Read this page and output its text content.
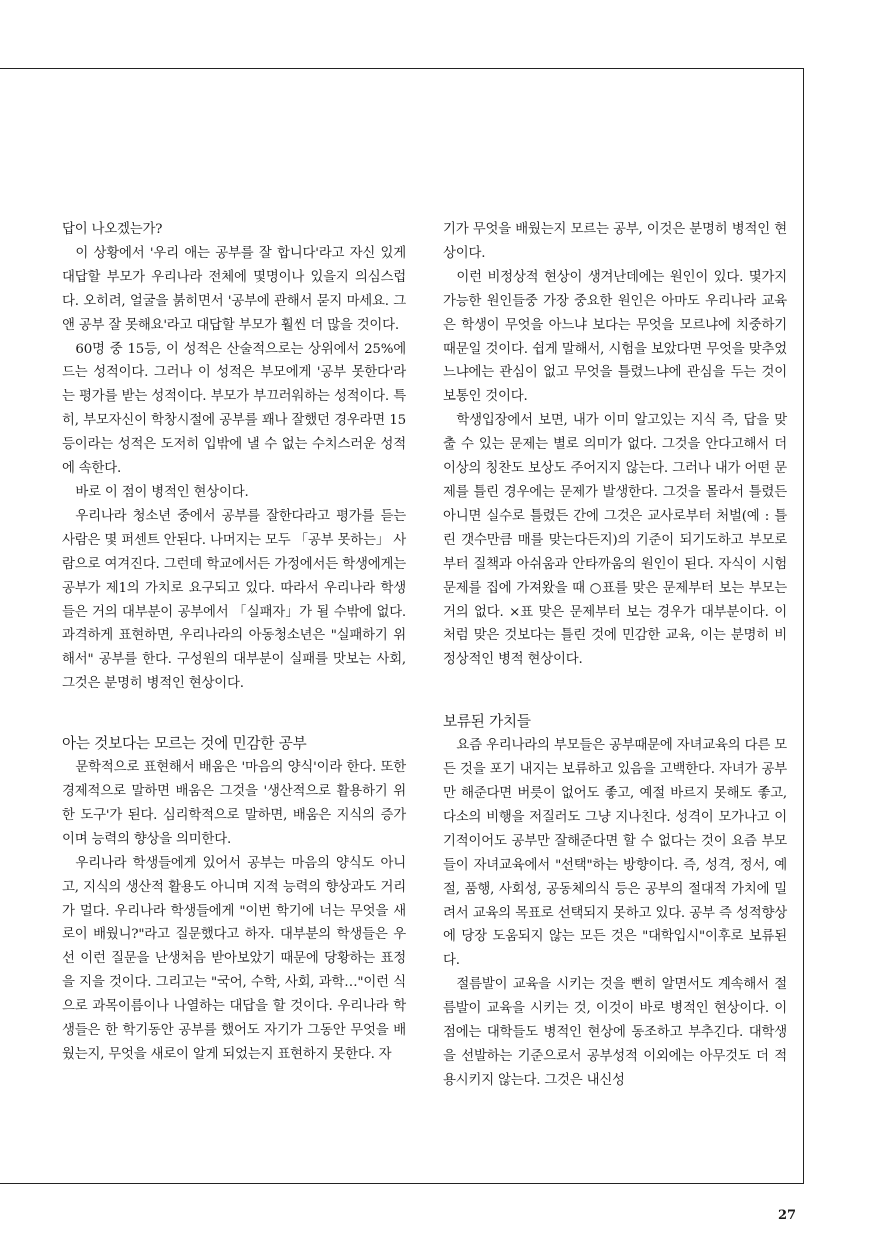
답이 나오겠는가?

이 상황에서 '우리 애는 공부를 잘 합니다'라고 자신 있게 대답할 부모가 우리나라 전체에 몇명이나 있을지 의심스럽다. 오히려, 얼굴을 붉히면서 '공부에 관해서 묻지 마세요. 그앤 공부 잘 못해요'라고 대답할 부모가 훨씬 더 많을 것이다.

60명 중 15등, 이 성적은 산술적으로는 상위에서 25%에 드는 성적이다. 그러나 이 성적은 부모에게 '공부 못한다'라는 평가를 받는 성적이다. 부모가 부끄러워하는 성적이다. 특히, 부모자신이 학창시절에 공부를 꽤나 잘했던 경우라면 15등이라는 성적은 도저히 입밖에 낼 수 없는 수치스러운 성적에 속한다.

바로 이 점이 병적인 현상이다.

우리나라 청소년 중에서 공부를 잘한다라고 평가를 듣는 사람은 몇 퍼센트 안된다. 나머지는 모두 「공부 못하는」 사람으로 여겨진다. 그런데 학교에서든 가정에서든 학생에게는 공부가 제1의 가치로 요구되고 있다. 따라서 우리나라 학생들은 거의 대부분이 공부에서 「실패자」가 될 수밖에 없다. 과격하게 표현하면, 우리나라의 아동청소년은 "실패하기 위해서" 공부를 한다. 구성원의 대부분이 실패를 맛보는 사회, 그것은 분명히 병적인 현상이다.

아는 것보다는 모르는 것에 민감한 공부

문학적으로 표현해서 배움은 '마음의 양식'이라 한다. 또한 경제적으로 말하면 배움은 그것을 '생산적으로 활용하기 위한 도구'가 된다. 심리학적으로 말하면, 배움은 지식의 증가이며 능력의 향상을 의미한다.

우리나라 학생들에게 있어서 공부는 마음의 양식도 아니고, 지식의 생산적 활용도 아니며 지적 능력의 향상과도 거리가 멀다. 우리나라 학생들에게 "이번 학기에 너는 무엇을 새로이 배웠니?"라고 질문했다고 하자. 대부분의 학생들은 우선 이런 질문을 난생처음 받아보았기 때문에 당황하는 표정을 지을 것이다. 그리고는 "국어, 수학, 사회, 과학…"이런 식으로 과목이름이나 나열하는 대답을 할 것이다. 우리나라 학생들은 한 학기동안 공부를 했어도 자기가 그동안 무엇을 배웠는지, 무엇을 새로이 알게 되었는지 표현하지 못한다. 자

기가 무엇을 배웠는지 모르는 공부, 이것은 분명히 병적인 현상이다.

이런 비정상적 현상이 생겨난데에는 원인이 있다. 몇가지 가능한 원인들중 가장 중요한 원인은 아마도 우리나라 교육은 학생이 무엇을 아느냐 보다는 무엇을 모르냐에 치중하기 때문일 것이다. 쉽게 말해서, 시험을 보았다면 무엇을 맞추었느냐에는 관심이 없고 무엇을 틀렸느냐에 관심을 두는 것이 보통인 것이다.

학생입장에서 보면, 내가 이미 알고있는 지식 즉, 답을 맞출 수 있는 문제는 별로 의미가 없다. 그것을 안다고해서 더 이상의 칭찬도 보상도 주어지지 않는다. 그러나 내가 어떤 문제를 틀린 경우에는 문제가 발생한다. 그것을 몰라서 틀렸든 아니면 실수로 틀렸든 간에 그것은 교사로부터 처벌(예 : 틀린 갯수만큼 매를 맞는다든지)의 기준이 되기도하고 부모로부터 질책과 아쉬움과 안타까움의 원인이 된다. 자식이 시험문제를 집에 가져왔을 때 ○표를 맞은 문제부터 보는 부모는 거의 없다. ×표 맞은 문제부터 보는 경우가 대부분이다. 이처럼 맞은 것보다는 틀린 것에 민감한 교육, 이는 분명히 비정상적인 병적 현상이다.

보류된 가치들

요즘 우리나라의 부모들은 공부때문에 자녀교육의 다른 모든 것을 포기 내지는 보류하고 있음을 고백한다. 자녀가 공부만 해준다면 버릇이 없어도 좋고, 예절 바르지 못해도 좋고, 다소의 비행을 저질러도 그냥 지나친다. 성격이 모가나고 이기적이어도 공부만 잘해준다면 할 수 없다는 것이 요즘 부모들이 자녀교육에서 "선택"하는 방향이다. 즉, 성격, 정서, 예절, 품행, 사회성, 공동체의식 등은 공부의 절대적 가치에 밀려서 교육의 목표로 선택되지 못하고 있다. 공부 즉 성적향상에 당장 도움되지 않는 모든 것은 "대학입시"이후로 보류된다.

절름발이 교육을 시키는 것을 뻔히 알면서도 계속해서 절름발이 교육을 시키는 것, 이것이 바로 병적인 현상이다. 이 점에는 대학들도 병적인 현상에 동조하고 부추긴다. 대학생을 선발하는 기준으로서 공부성적 이외에는 아무것도 더 적용시키지 않는다. 그것은 내신성

27
